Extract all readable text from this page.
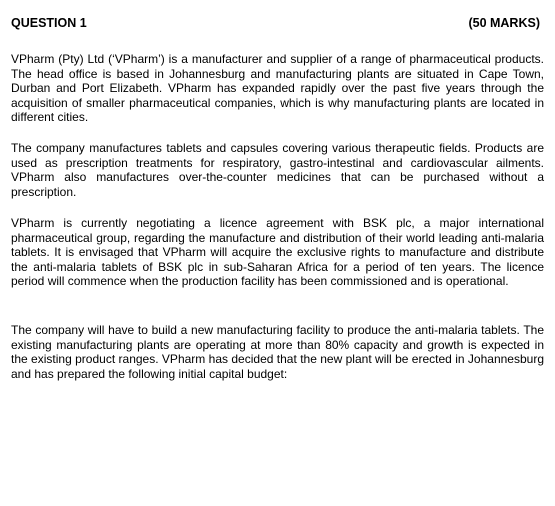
QUESTION 1	(50 MARKS)

VPharm (Pty) Ltd (‘VPharm’) is a manufacturer and supplier of a range of pharmaceutical products. The head office is based in Johannesburg and manufacturing plants are situated in Cape Town, Durban and Port Elizabeth. VPharm has expanded rapidly over the past five years through the acquisition of smaller pharmaceutical companies, which is why manufacturing plants are located in different cities.

The company manufactures tablets and capsules covering various therapeutic fields. Products are used as prescription treatments for respiratory, gastro-intestinal and cardiovascular ailments. VPharm also manufactures over-the-counter medicines that can be purchased without a prescription.

VPharm is currently negotiating a licence agreement with BSK plc, a major international pharmaceutical group, regarding the manufacture and distribution of their world leading anti-malaria tablets. It is envisaged that VPharm will acquire the exclusive rights to manufacture and distribute the anti-malaria tablets of BSK plc in sub-Saharan Africa for a period of ten years. The licence period will commence when the production facility has been commissioned and is operational.

The company will have to build a new manufacturing facility to produce the anti-malaria tablets. The existing manufacturing plants are operating at more than 80% capacity and growth is expected in the existing product ranges. VPharm has decided that the new plant will be erected in Johannesburg and has prepared the following initial capital budget:
